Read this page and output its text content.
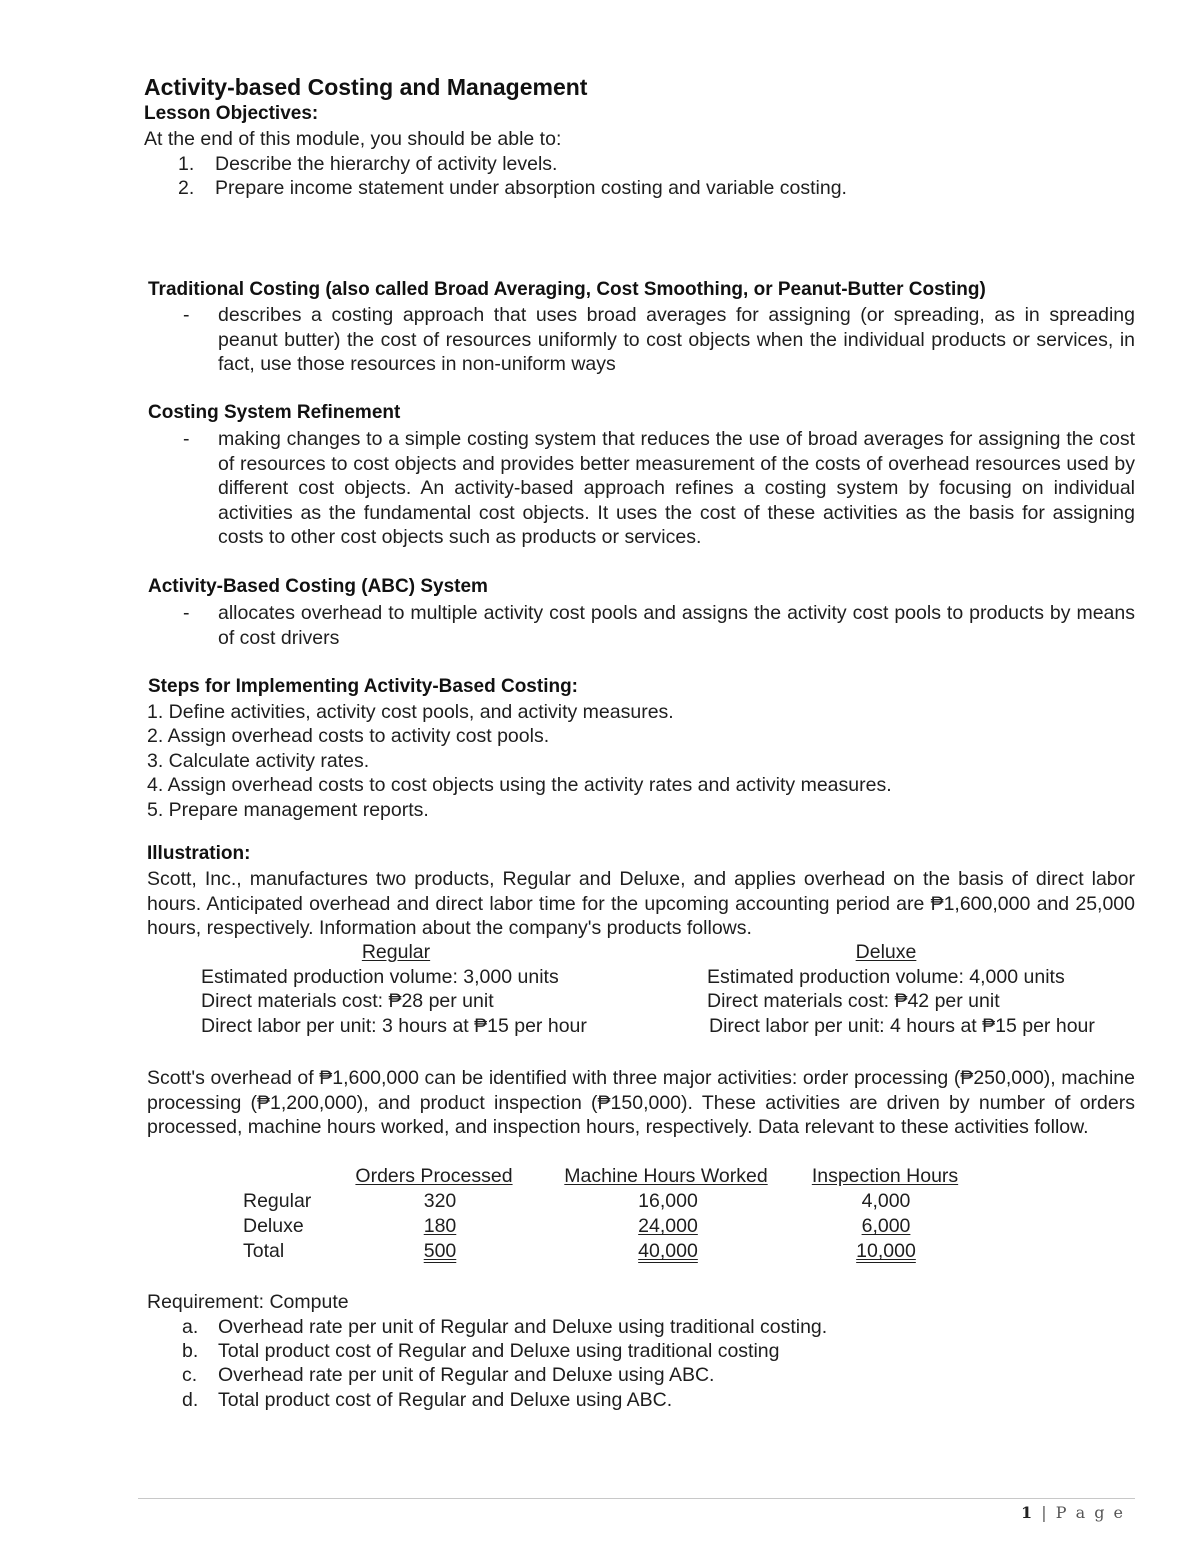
Activity-based Costing and Management
Lesson Objectives:
At the end of this module, you should be able to:
1. Describe the hierarchy of activity levels.
2. Prepare income statement under absorption costing and variable costing.
Traditional Costing (also called Broad Averaging, Cost Smoothing, or Peanut-Butter Costing)
- describes a costing approach that uses broad averages for assigning (or spreading, as in spreading peanut butter) the cost of resources uniformly to cost objects when the individual products or services, in fact, use those resources in non-uniform ways
Costing System Refinement
- making changes to a simple costing system that reduces the use of broad averages for assigning the cost of resources to cost objects and provides better measurement of the costs of overhead resources used by different cost objects. An activity-based approach refines a costing system by focusing on individual activities as the fundamental cost objects. It uses the cost of these activities as the basis for assigning costs to other cost objects such as products or services.
Activity-Based Costing (ABC) System
- allocates overhead to multiple activity cost pools and assigns the activity cost pools to products by means of cost drivers
Steps for Implementing Activity-Based Costing:
1. Define activities, activity cost pools, and activity measures.
2. Assign overhead costs to activity cost pools.
3. Calculate activity rates.
4. Assign overhead costs to cost objects using the activity rates and activity measures.
5. Prepare management reports.
Illustration:
Scott, Inc., manufactures two products, Regular and Deluxe, and applies overhead on the basis of direct labor hours. Anticipated overhead and direct labor time for the upcoming accounting period are ₱1,600,000 and 25,000 hours, respectively. Information about the company's products follows.
Regular
Estimated production volume: 3,000 units
Direct materials cost: ₱28 per unit
Direct labor per unit: 3 hours at ₱15 per hour
Deluxe
Estimated production volume: 4,000 units
Direct materials cost: ₱42 per unit
Direct labor per unit: 4 hours at ₱15 per hour
Scott's overhead of ₱1,600,000 can be identified with three major activities: order processing (₱250,000), machine processing (₱1,200,000), and product inspection (₱150,000). These activities are driven by number of orders processed, machine hours worked, and inspection hours, respectively. Data relevant to these activities follow.
Orders Processed	Machine Hours Worked	Inspection Hours
Regular	320	16,000	4,000
Deluxe	180	24,000	6,000
Total	500	40,000	10,000
Requirement: Compute
a. Overhead rate per unit of Regular and Deluxe using traditional costing.
b. Total product cost of Regular and Deluxe using traditional costing
c. Overhead rate per unit of Regular and Deluxe using ABC.
d. Total product cost of Regular and Deluxe using ABC.
1 | P a g e
